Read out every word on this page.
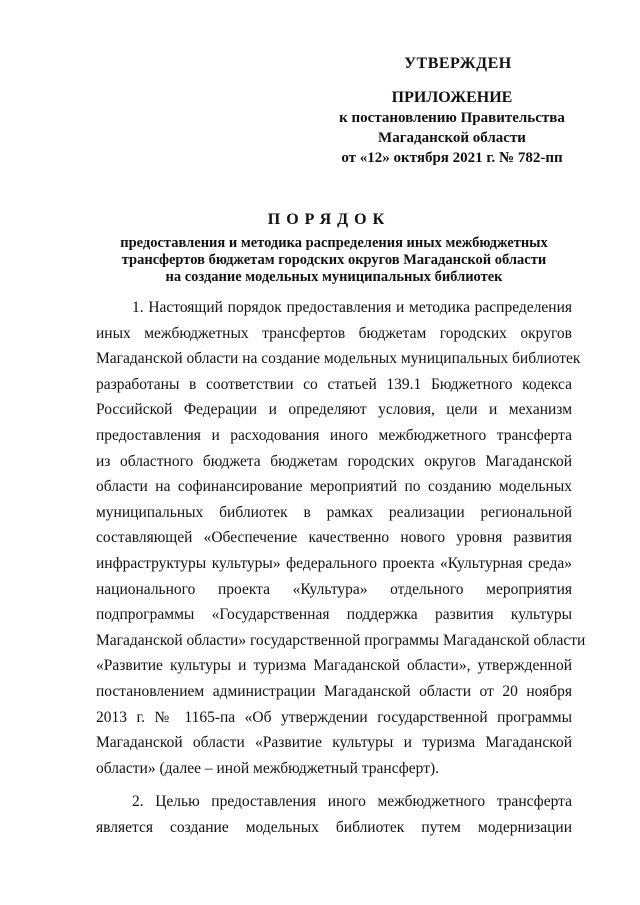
УТВЕРЖДЕН
ПРИЛОЖЕНИЕ
к постановлению Правительства
Магаданской области
от «12» октября 2021 г. № 782-пп
ПОРЯДОК
предоставления и методика распределения иных межбюджетных
трансфертов бюджетам городских округов Магаданской области
на создание модельных муниципальных библиотек
1. Настоящий порядок предоставления и методика распределения
иных межбюджетных трансфертов бюджетам городских округов
Магаданской области на создание модельных муниципальных библиотек
разработаны в соответствии со статьей 139.1 Бюджетного кодекса
Российской Федерации и определяют условия, цели и механизм
предоставления и расходования иного межбюджетного трансферта
из областного бюджета бюджетам городских округов Магаданской
области на софинансирование мероприятий по созданию модельных
муниципальных библиотек в рамках реализации региональной
составляющей «Обеспечение качественно нового уровня развития
инфраструктуры культуры» федерального проекта «Культурная среда»
национального проекта «Культура» отдельного мероприятия
подпрограммы «Государственная поддержка развития культуры
Магаданской области» государственной программы Магаданской области
«Развитие культуры и туризма Магаданской области», утвержденной
постановлением администрации Магаданской области от 20 ноября
2013 г. № 1165-па «Об утверждении государственной программы
Магаданской области «Развитие культуры и туризма Магаданской
области» (далее – иной межбюджетный трансферт).
2. Целью предоставления иного межбюджетного трансферта
является создание модельных библиотек путем модернизации
